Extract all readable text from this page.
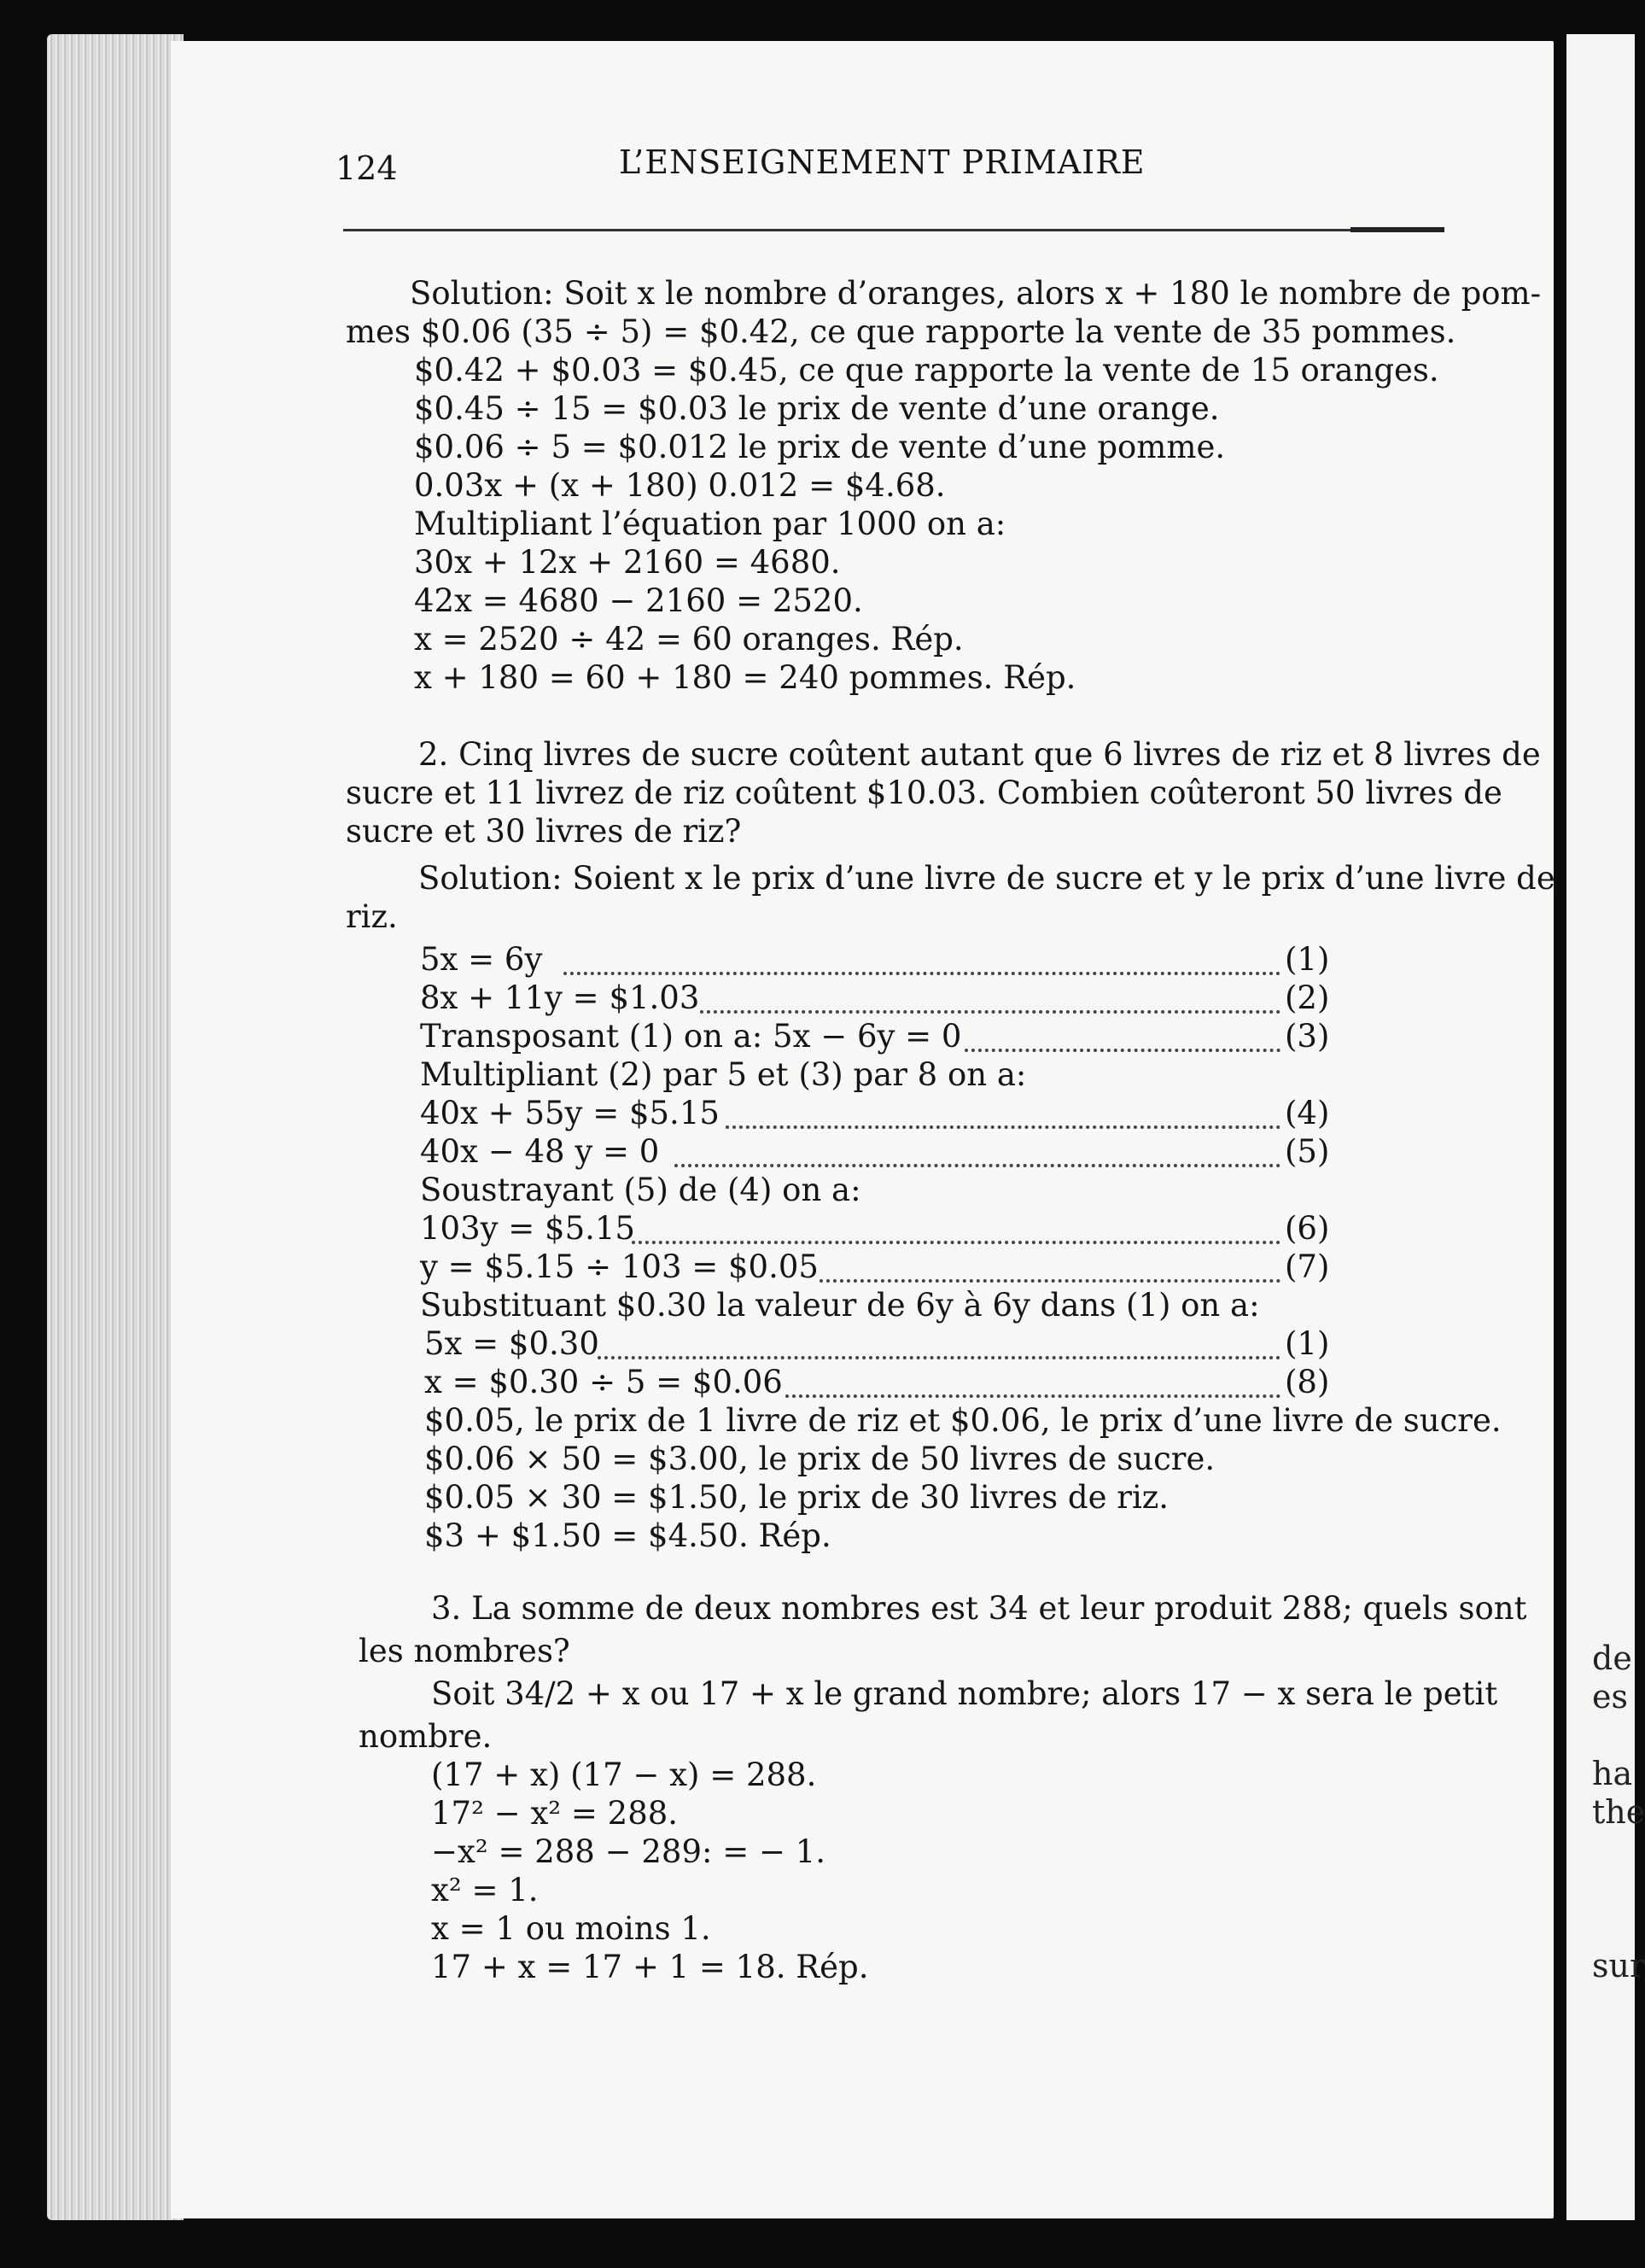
de
es
ha
the
sur
124	L’ENSEIGNEMENT PRIMAIRE
Solution: Soit x le nombre d’oranges, alors x + 180 le nombre de pom-
mes $0.06 (35 ÷ 5) = $0.42, ce que rapporte la vente de 35 pommes.
$0.42 + $0.03 = $0.45, ce que rapporte la vente de 15 oranges.
$0.45 ÷ 15 = $0.03 le prix de vente d’une orange.
$0.06 ÷ 5 = $0.012 le prix de vente d’une pomme.
0.03x + (x + 180) 0.012 = $4.68.
Multipliant l’équation par 1000 on a:
30x + 12x + 2160 = 4680.
42x = 4680 − 2160 = 2520.
x = 2520 ÷ 42 = 60 oranges. Rép.
x + 180 = 60 + 180 = 240 pommes. Rép.
2. Cinq livres de sucre coûtent autant que 6 livres de riz et 8 livres de
sucre et 11 livrez de riz coûtent $10.03. Combien coûteront 50 livres de
sucre et 30 livres de riz?
Solution: Soient x le prix d’une livre de sucre et y le prix d’une livre de
riz.
5x = 6y
8x + 11y = $1.03
Transposant (1) on a: 5x − 6y = 0
Multipliant (2) par 5 et (3) par 8 on a:
40x + 55y = $5.15
40x − 48 y = 0
Soustrayant (5) de (4) on a:
103y = $5.15
y = $5.15 ÷ 103 = $0.05
Substituant $0.30 la valeur de 6y à 6y dans (1) on a:
5x = $0.30
x = $0.30 ÷ 5 = $0.06
$0.05, le prix de 1 livre de riz et $0.06, le prix d’une livre de sucre.
$0.06 × 50 = $3.00, le prix de 50 livres de sucre.
$0.05 × 30 = $1.50, le prix de 30 livres de riz.
$3 + $1.50 = $4.50. Rép.
3. La somme de deux nombres est 34 et leur produit 288; quels sont
les nombres?
Soit 34/2 + x ou 17 + x le grand nombre; alors 17 − x sera le petit
nombre.
(17 + x) (17 − x) = 288.
17² − x² = 288.
−x² = 288 − 289: = − 1.
x² = 1.
x = 1 ou moins 1.
17 + x = 17 + 1 = 18. Rép.
(1)
(2)
(3)
(4)
(5)
(6)
(7)
(1)
(8)
